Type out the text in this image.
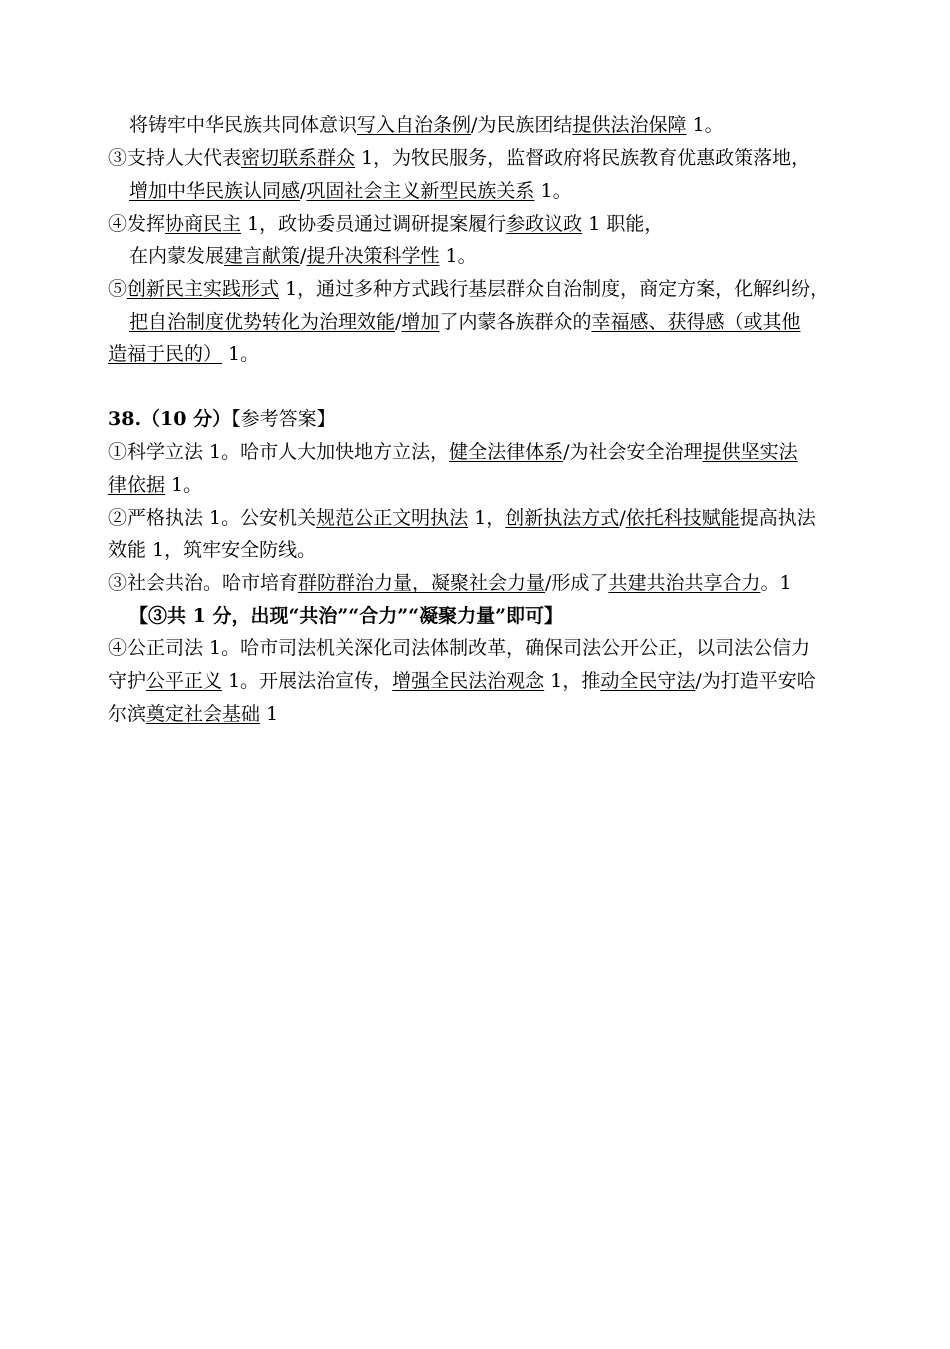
将铸牢中华民族共同体意识写入自治条例/为民族团结提供法治保障 1。
③支持人大代表密切联系群众 1，为牧民服务，监督政府将民族教育优惠政策落地，
增加中华民族认同感/巩固社会主义新型民族关系 1。
④发挥协商民主 1，政协委员通过调研提案履行参政议政 1 职能，
在内蒙发展建言献策/提升决策科学性 1。
⑤创新民主实践形式 1，通过多种方式践行基层群众自治制度，商定方案，化解纠纷，
把自治制度优势转化为治理效能/增加了内蒙各族群众的幸福感、获得感（或其他
造福于民的） 1。
38.（10 分）【参考答案】
①科学立法 1。哈市人大加快地方立法，健全法律体系/为社会安全治理提供坚实法
律依据 1。
②严格执法 1。公安机关规范公正文明执法 1，创新执法方式/依托科技赋能提高执法
效能 1，筑牢安全防线。
③社会共治。哈市培育群防群治力量，凝聚社会力量/形成了共建共治共享合力。1
【③共 1 分，出现“共治”“合力”“凝聚力量”即可】
④公正司法 1。哈市司法机关深化司法体制改革，确保司法公开公正，以司法公信力
守护公平正义 1。开展法治宣传，增强全民法治观念 1，推动全民守法/为打造平安哈
尔滨奠定社会基础 1
